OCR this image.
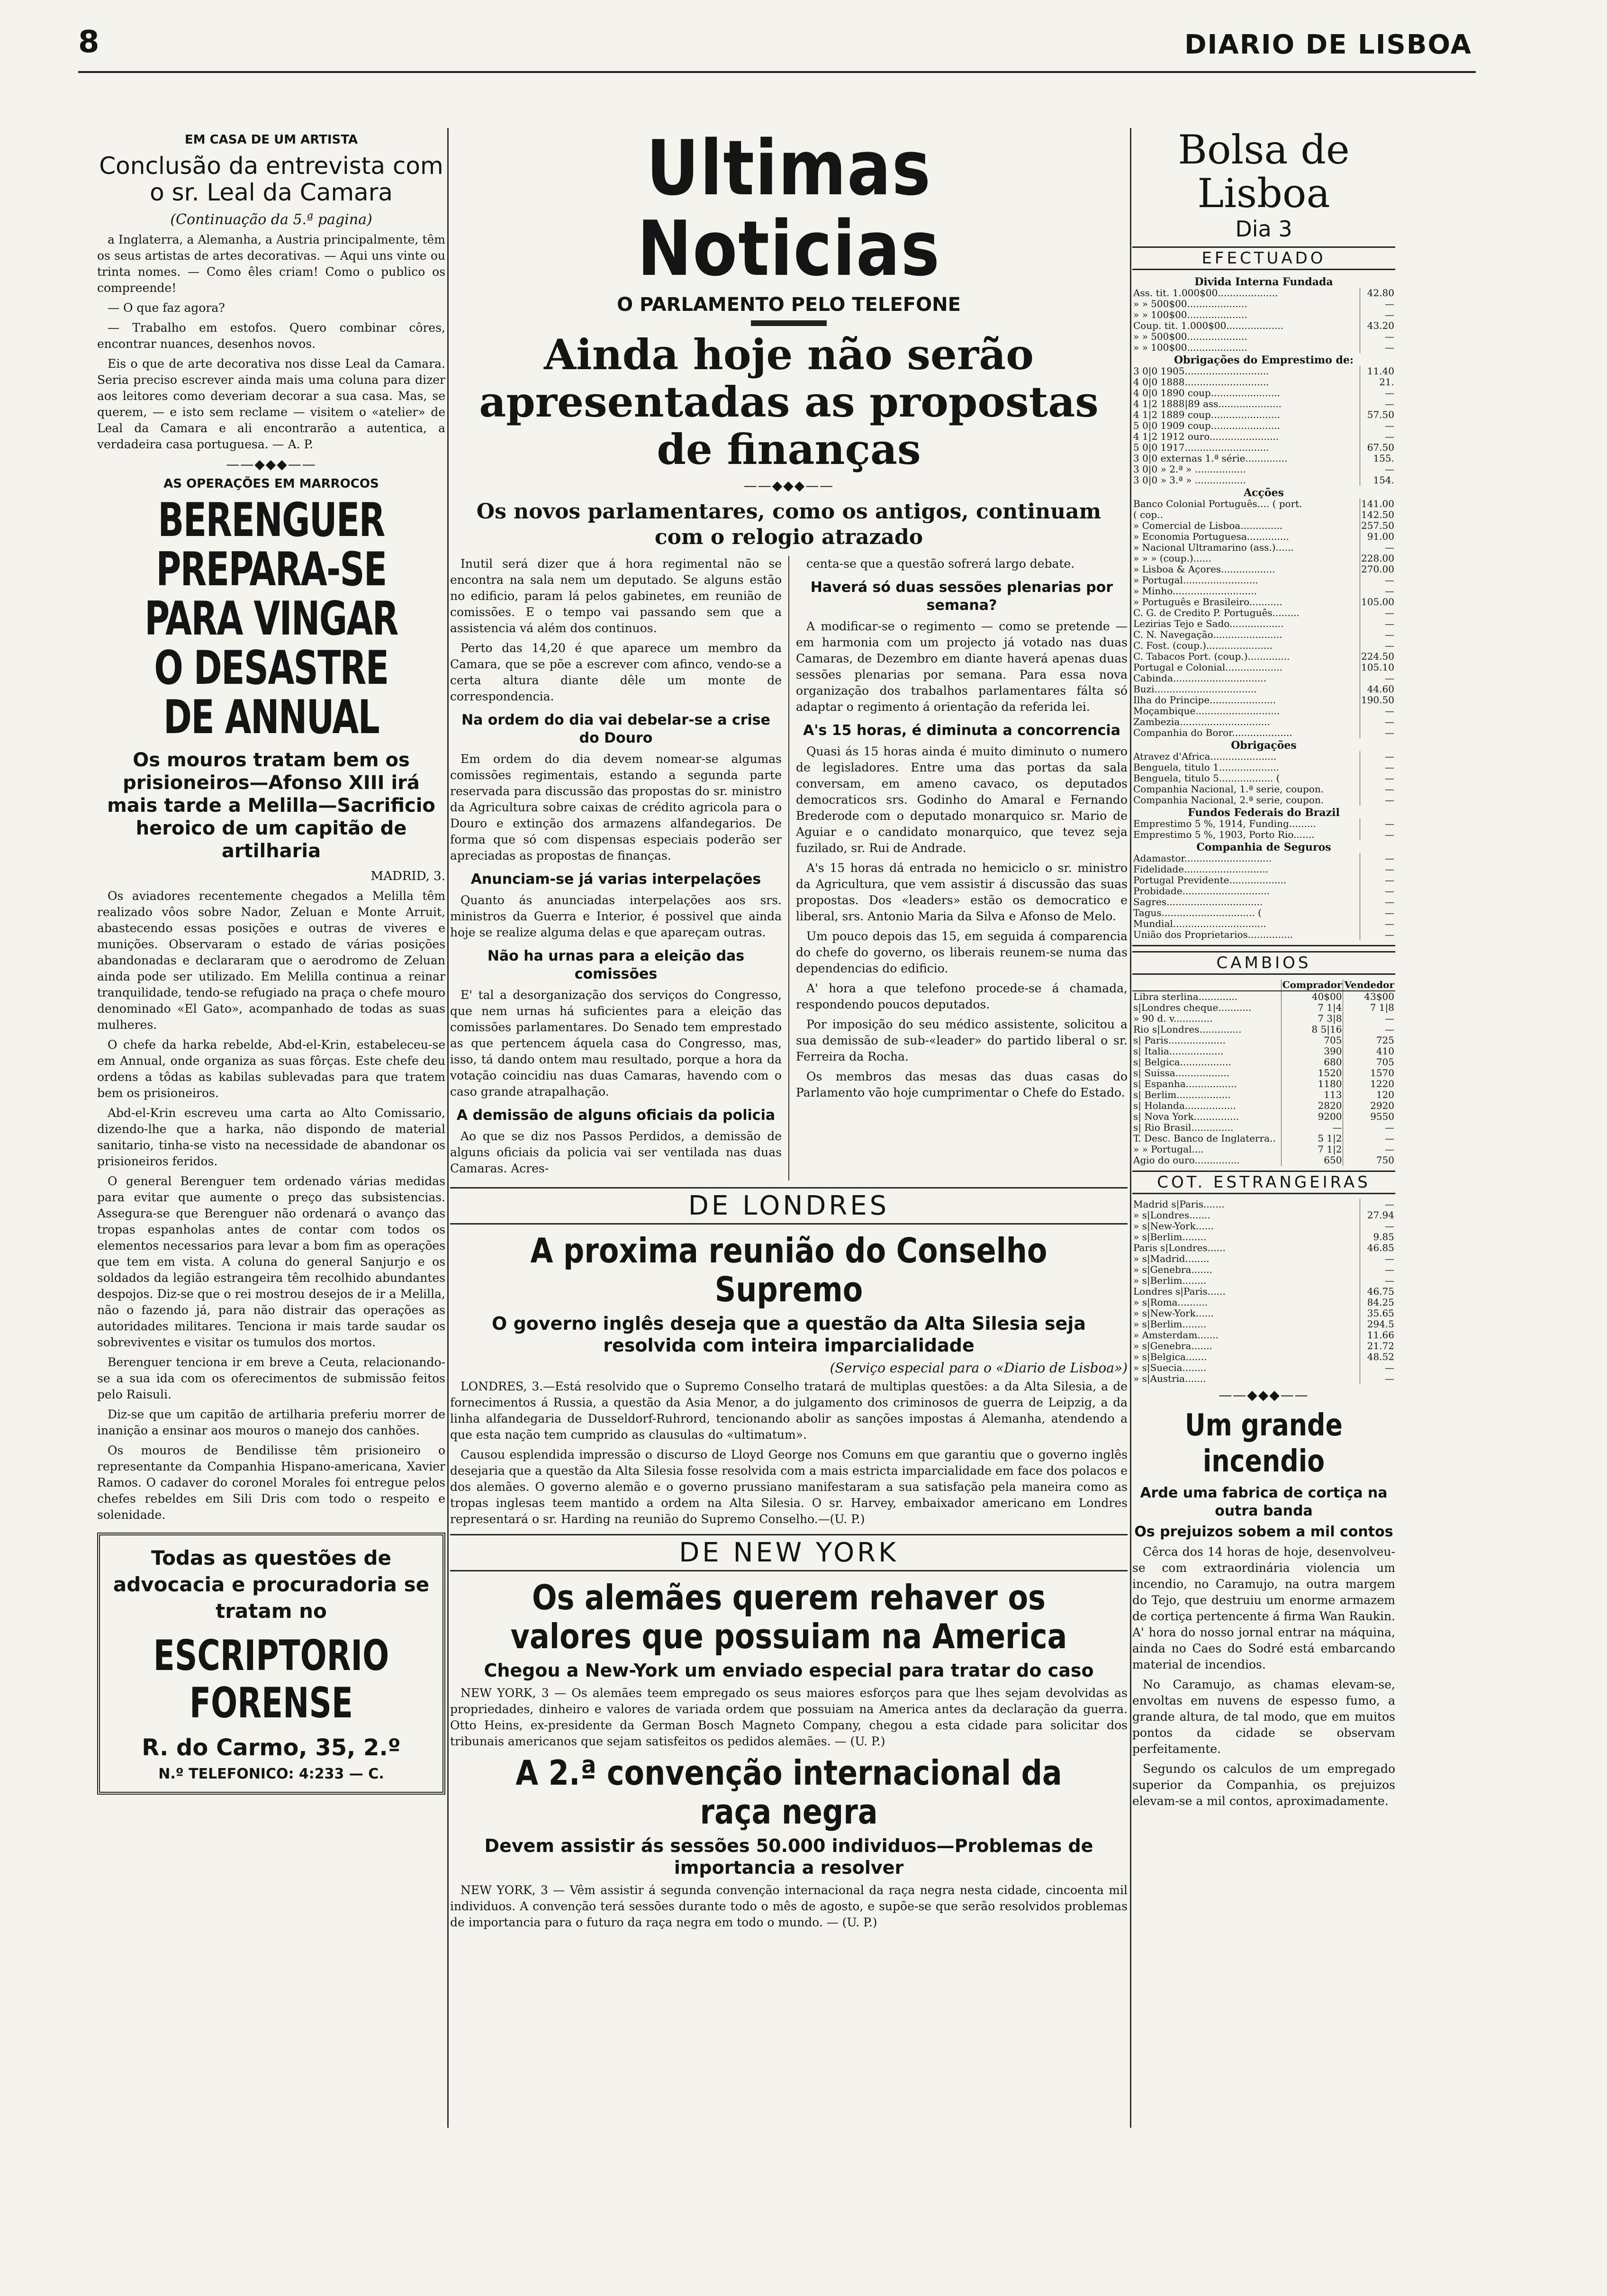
8	DIARIO DE LISBOA
EM CASA DE UM ARTISTA
Conclusão da entrevista com o sr. Leal da Camara
(Continuação da 5.ª pagina)

a Inglaterra, a Alemanha, a Austria principalmente, têm os seus artistas de artes decorativas. — Aqui uns vinte ou trinta nomes. — Como êles criam! Como o publico os compreende!

— O que faz agora?

— Trabalho em estofos. Quero combinar côres, encontrar nuances, desenhos novos.

Eis o que de arte decorativa nos disse Leal da Camara. Seria preciso escrever ainda mais uma coluna para dizer aos leitores como deveriam decorar a sua casa. Mas, se querem, — e isto sem reclame — visitem o «atelier» de Leal da Camara e ali encontrarão a autentica, a verdadeira casa portuguesa. — A. P.

——◆◆◆——
AS OPERAÇÕES EM MARROCOS
BERENGUER PREPARA-SE PARA VINGAR O DESASTRE DE ANNUAL
Os mouros tratam bem os prisioneiros—Afonso XIII irá mais tarde a Melilla—Sacrificio heroico de um capitão de artilharia
MADRID, 3.

Os aviadores recentemente chegados a Melilla têm realizado vôos sobre Nador, Zeluan e Monte Arruit, abastecendo essas posições e outras de viveres e munições. Observaram o estado de várias posições abandonadas e declararam que o aerodromo de Zeluan ainda pode ser utilizado. Em Melilla continua a reinar tranquilidade, tendo-se refugiado na praça o chefe mouro denominado «El Gato», acompanhado de todas as suas mulheres.

O chefe da harka rebelde, Abd-el-Krin, estabeleceu-se em Annual, onde organiza as suas fôrças. Este chefe deu ordens a tôdas as kabilas sublevadas para que tratem bem os prisioneiros.

Abd-el-Krin escreveu uma carta ao Alto Comissario, dizendo-lhe que a harka, não dispondo de material sanitario, tinha-se visto na necessidade de abandonar os prisioneiros feridos.

O general Berenguer tem ordenado várias medidas para evitar que aumente o preço das subsistencias. Assegura-se que Berenguer não ordenará o avanço das tropas espanholas antes de contar com todos os elementos necessarios para levar a bom fim as operações que tem em vista. A coluna do general Sanjurjo e os soldados da legião estrangeira têm recolhido abundantes despojos. Diz-se que o rei mostrou desejos de ir a Melilla, não o fazendo já, para não distrair das operações as autoridades militares. Tenciona ir mais tarde saudar os sobreviventes e visitar os tumulos dos mortos.

Berenguer tenciona ir em breve a Ceuta, relacionando-se a sua ida com os oferecimentos de submissão feitos pelo Raisuli.

Diz-se que um capitão de artilharia preferiu morrer de inanição a ensinar aos mouros o manejo dos canhões.

Os mouros de Bendilisse têm prisioneiro o representante da Companhia Hispano-americana, Xavier Ramos. O cadaver do coronel Morales foi entregue pelos chefes rebeldes em Sili Dris com todo o respeito e solenidade.

Todas as questões de advocacia e procuradoria se tratam no
ESCRIPTORIO FORENSE
R. do Carmo, 35, 2.º
N.º TELEFONICO: 4:233 — C.
Ultimas Noticias
O PARLAMENTO PELO TELEFONE
Ainda hoje não serão apresentadas as propostas de finanças
——◆◆◆——
Os novos parlamentares, como os antigos, continuam com o relogio atrazado

Inutil será dizer que á hora regimental não se encontra na sala nem um deputado. Se alguns estão no edificio, param lá pelos gabinetes, em reunião de comissões. E o tempo vai passando sem que a assistencia vá além dos continuos.

Perto das 14,20 é que aparece um membro da Camara, que se põe a escrever com afinco, vendo-se a certa altura diante dêle um monte de correspondencia.

Na ordem do dia vai debelar-se a crise do Douro

Em ordem do dia devem nomear-se algumas comissões regimentais, estando a segunda parte reservada para discussão das propostas do sr. ministro da Agricultura sobre caixas de crédito agricola para o Douro e extinção dos armazens alfandegarios. De forma que só com dispensas especiais poderão ser apreciadas as propostas de finanças.

Anunciam-se já varias interpelações

Quanto ás anunciadas interpelações aos srs. ministros da Guerra e Interior, é possivel que ainda hoje se realize alguma delas e que apareçam outras.

Não ha urnas para a eleição das comissões

E' tal a desorganização dos serviços do Congresso, que nem urnas há suficientes para a eleição das comissões parlamentares. Do Senado tem emprestado as que pertencem áquela casa do Congresso, mas, isso, tá dando ontem mau resultado, porque a hora da votação coincidiu nas duas Camaras, havendo com o caso grande atrapalhação.

A demissão de alguns oficiais da policia

Ao que se diz nos Passos Perdidos, a demissão de alguns oficiais da policia vai ser ventilada nas duas Camaras. Acres-

centa-se que a questão sofrerá largo debate.

Haverá só duas sessões plenarias por semana?

A modificar-se o regimento — como se pretende — em harmonia com um projecto já votado nas duas Camaras, de Dezembro em diante haverá apenas duas sessões plenarias por semana. Para essa nova organização dos trabalhos parlamentares fálta só adaptar o regimento á orientação da referida lei.

A's 15 horas, é diminuta a concorrencia

Quasi ás 15 horas ainda é muito diminuto o numero de legisladores. Entre uma das portas da sala conversam, em ameno cavaco, os deputados democraticos srs. Godinho do Amaral e Fernando Brederode com o deputado monarquico sr. Mario de Aguiar e o candidato monarquico, que tevez seja fuzilado, sr. Rui de Andrade.

A's 15 horas dá entrada no hemiciclo o sr. ministro da Agricultura, que vem assistir á discussão das suas propostas. Dos «leaders» estão os democratico e liberal, srs. Antonio Maria da Silva e Afonso de Melo.

Um pouco depois das 15, em seguida á comparencia do chefe do governo, os liberais reunem-se numa das dependencias do edificio.

A' hora a que telefono procede-se á chamada, respondendo poucos deputados.

Por imposição do seu médico assistente, solicitou a sua demissão de sub-«leader» do partido liberal o sr. Ferreira da Rocha.

Os membros das mesas das duas casas do Parlamento vão hoje cumprimentar o Chefe do Estado.

DE LONDRES
A proxima reunião do Conselho Supremo
O governo inglês deseja que a questão da Alta Silesia seja resolvida com inteira imparcialidade
(Serviço especial para o «Diario de Lisboa»)

LONDRES, 3.—Está resolvido que o Supremo Conselho tratará de multiplas questões: a da Alta Silesia, a de fornecimentos á Russia, a questão da Asia Menor, a do julgamento dos criminosos de guerra de Leipzig, a da linha alfandegaria de Dusseldorf-Ruhrord, tencionando abolir as sanções impostas á Alemanha, atendendo a que esta nação tem cumprido as clausulas do «ultimatum».

Causou esplendida impressão o discurso de Lloyd George nos Comuns em que garantiu que o governo inglês desejaria que a questão da Alta Silesia fosse resolvida com a mais estricta imparcialidade em face dos polacos e dos alemães. O governo alemão e o governo prussiano manifestaram a sua satisfação pela maneira como as tropas inglesas teem mantido a ordem na Alta Silesia. O sr. Harvey, embaixador americano em Londres representará o sr. Harding na reunião do Supremo Conselho.—(U. P.)

DE NEW YORK
Os alemães querem rehaver os valores que possuiam na America
Chegou a New-York um enviado especial para tratar do caso

NEW YORK, 3 — Os alemães teem empregado os seus maiores esforços para que lhes sejam devolvidas as propriedades, dinheiro e valores de variada ordem que possuiam na America antes da declaração da guerra. Otto Heins, ex-presidente da German Bosch Magneto Company, chegou a esta cidade para solicitar dos tribunais americanos que sejam satisfeitos os pedidos alemães. — (U. P.)

A 2.ª convenção internacional da raça negra
Devem assistir ás sessões 50.000 individuos—Problemas de importancia a resolver

NEW YORK, 3 — Vêm assistir á segunda convenção internacional da raça negra nesta cidade, cincoenta mil individuos. A convenção terá sessões durante todo o mês de agosto, e supõe-se que serão resolvidos problemas de importancia para o futuro da raça negra em todo o mundo. — (U. P.)

Bolsa de Lisboa
Dia 3
EFECTUADO
Divida Interna Fundada	
Ass. tit. 1.000$00....................	42.80
» » 500$00....................	—
» » 100$00....................	—
Coup. tit. 1.000$00...................	43.20
» » 500$00....................	—
» » 100$00....................	—
Obrigações do Emprestimo de:	
3 0|0 1905............................	11.40
4 0|0 1888............................	21.
4 0|0 1890 coup.......................	—
4 1|2 1888|89 ass.....................	—
4 1|2 1889 coup.......................	57.50
5 0|0 1909 coup.......................	—
4 1|2 1912 ouro.......................	—
5 0|0 1917............................	67.50
3 0|0 externas 1.ª série..............	155.
3 0|0 » 2.ª » .................	—
3 0|0 » 3.ª » .................	154.
Acções	
Banco Colonial Português.... ( port.	141.00
( cop..	142.50
» Comercial de Lisboa..............	257.50
» Economia Portuguesa..............	91.00
» Nacional Ultramarino (ass.)......	—
» » » (coup.)......	228.00
» Lisboa & Açores..................	270.00
» Portugal.........................	—
» Minho............................	—
» Português e Brasileiro...........	105.00
C. G. de Credito P. Português.........	—
Lezirias Tejo e Sado..................	—
C. N. Navegação.......................	—
C. Fost. (coup.)......................	—
C. Tabacos Port. (coup.)..............	224.50
Portugal e Colonial...................	105.10
Cabinda...............................	—
Buzi..................................	44.60
Ilha do Principe......................	190.50
Moçambique............................	—
Zambezia..............................	—
Companhia do Boror....................	—
Obrigações	
Atravez d'Africa......................	—
Benguela, titulo 1....................	—
Benguela, titulo 5.................. (	—
Companhia Nacional, 1.ª serie, coupon.	—
Companhia Nacional, 2.ª serie, coupon.	—
Fundos Federais do Brazil	
Emprestimo 5 %, 1914, Funding.........	—
Emprestimo 5 %, 1903, Porto Rio.......	—
Companhia de Seguros	
Adamastor.............................	—
Fidelidade............................	—
Portugal Previdente...................	—
Probidade.............................	—
Sagres................................	—
Tagus............................... (	—
Mundial...............................	—
União dos Proprietarios...............	—
CAMBIOS
	Comprador	Vendedor
Libra sterlina.............	40$00	43$00
s|Londres cheque...........	7 1|4	7 1|8
» 90 d. v.............	7 3|8	—
Rio s|Londres..............	8 5|16	—
s| Paris...................	705	725
s| Italia..................	390	410
s| Belgica.................	680	705
s| Suissa..................	1520	1570
s| Espanha.................	1180	1220
s| Berlim..................	113	120
s| Holanda.................	2820	2920
s| Nova York...............	9200	9550
s| Rio Brasil..............	—	—
T. Desc. Banco de Inglaterra..	5 1|2	—
» » Portugal....	7 1|2	—
Agio do ouro...............	650	750
COT. ESTRANGEIRAS
Madrid s|Paris.......	—
» s|Londres.......	27.94
» s|New-York......	—
» s|Berlim........	9.85
Paris s|Londres......	46.85
» s|Madrid........	—
» s|Genebra.......	—
» s|Berlim........	—
Londres s|Paris......	46.75
» s|Roma..........	84.25
» s|New-York......	35.65
» s|Berlim........	294.5
» Amsterdam.......	11.66
» s|Genebra.......	21.72
» s|Belgica.......	48.52
» s|Suecia........	—
» s|Austria.......	—
——◆◆◆——
Um grande incendio
Arde uma fabrica de cortiça na outra banda
Os prejuizos sobem a mil contos

Cêrca dos 14 horas de hoje, desenvolveu-se com extraordinária violencia um incendio, no Caramujo, na outra margem do Tejo, que destruiu um enorme armazem de cortiça pertencente á firma Wan Raukin. A' hora do nosso jornal entrar na máquina, ainda no Caes do Sodré está embarcando material de incendios.

No Caramujo, as chamas elevam-se, envoltas em nuvens de espesso fumo, a grande altura, de tal modo, que em muitos pontos da cidade se observam perfeitamente.

Segundo os calculos de um empregado superior da Companhia, os prejuizos elevam-se a mil contos, aproximadamente.
